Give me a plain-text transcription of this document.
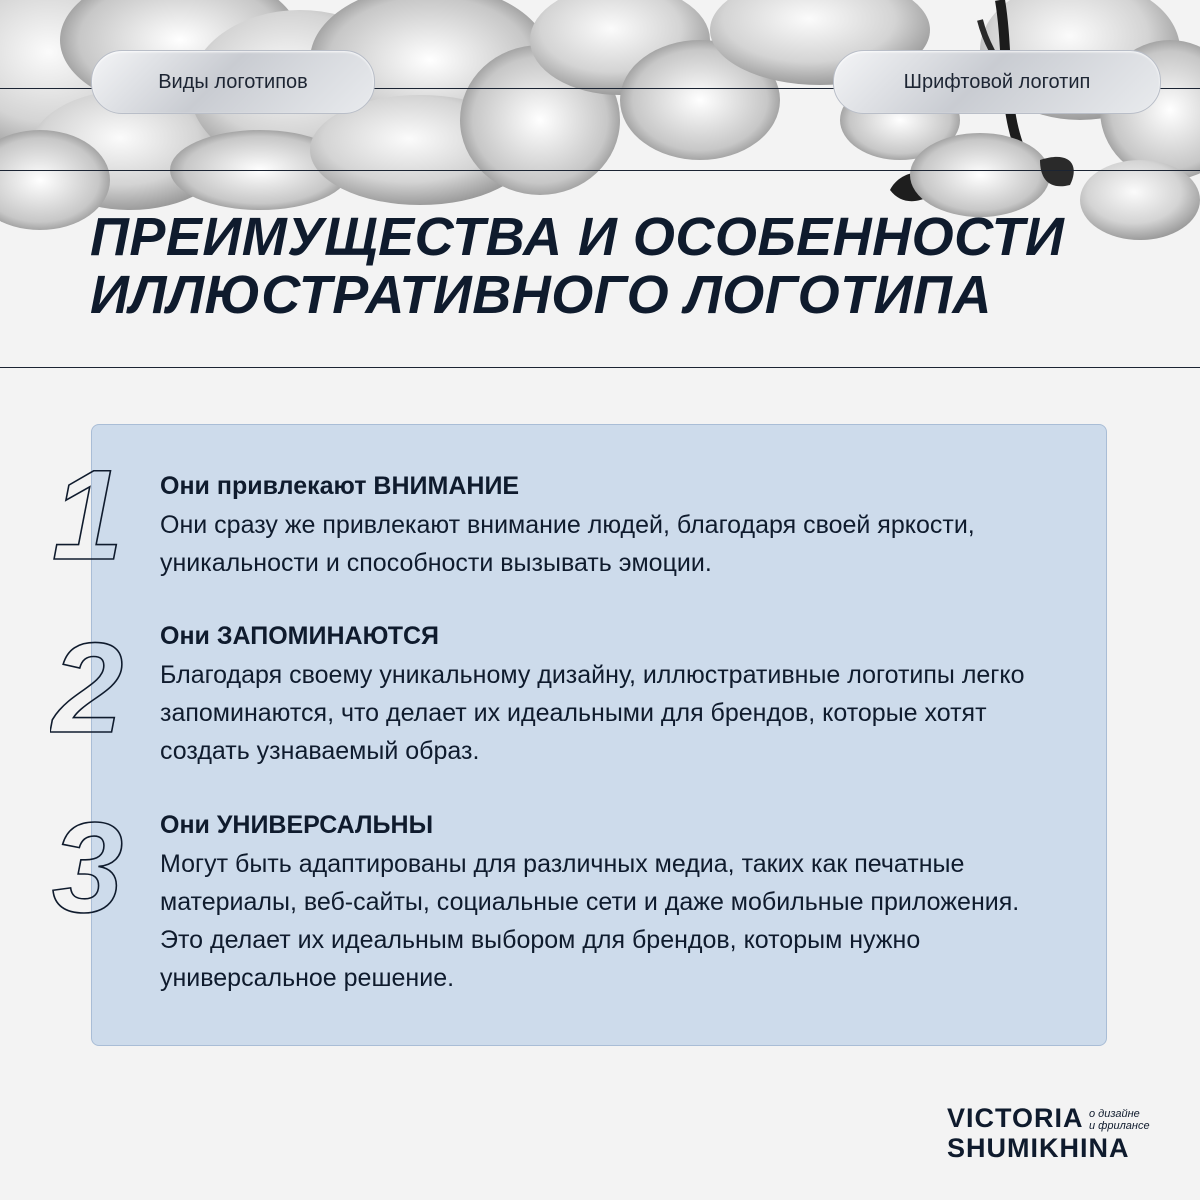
Виды логотипов	Шрифтовой логотип
ПРЕИМУЩЕСТВА И ОСОБЕННОСТИ
ИЛЛЮСТРАТИВНОГО ЛОГОТИПА
1 Они привлекают ВНИМАНИЕ

Они сразу же привлекают внимание людей, благодаря своей яркости, уникальности и способности вызывать эмоции.

2 Они ЗАПОМИНАЮТСЯ

Благодаря своему уникальному дизайну, иллюстративные логотипы легко запоминаются, что делает их идеальными для брендов, которые хотят создать узнаваемый образ.

3 Они УНИВЕРСАЛЬНЫ

Могут быть адаптированы для различных медиа, таких как печатные материалы, веб-сайты, социальные сети и даже мобильные приложения. Это делает их идеальным выбором для брендов, которым нужно универсальное решение.

VICTORIA
SHUMIKHINA
о дизайне
и фрилансе
